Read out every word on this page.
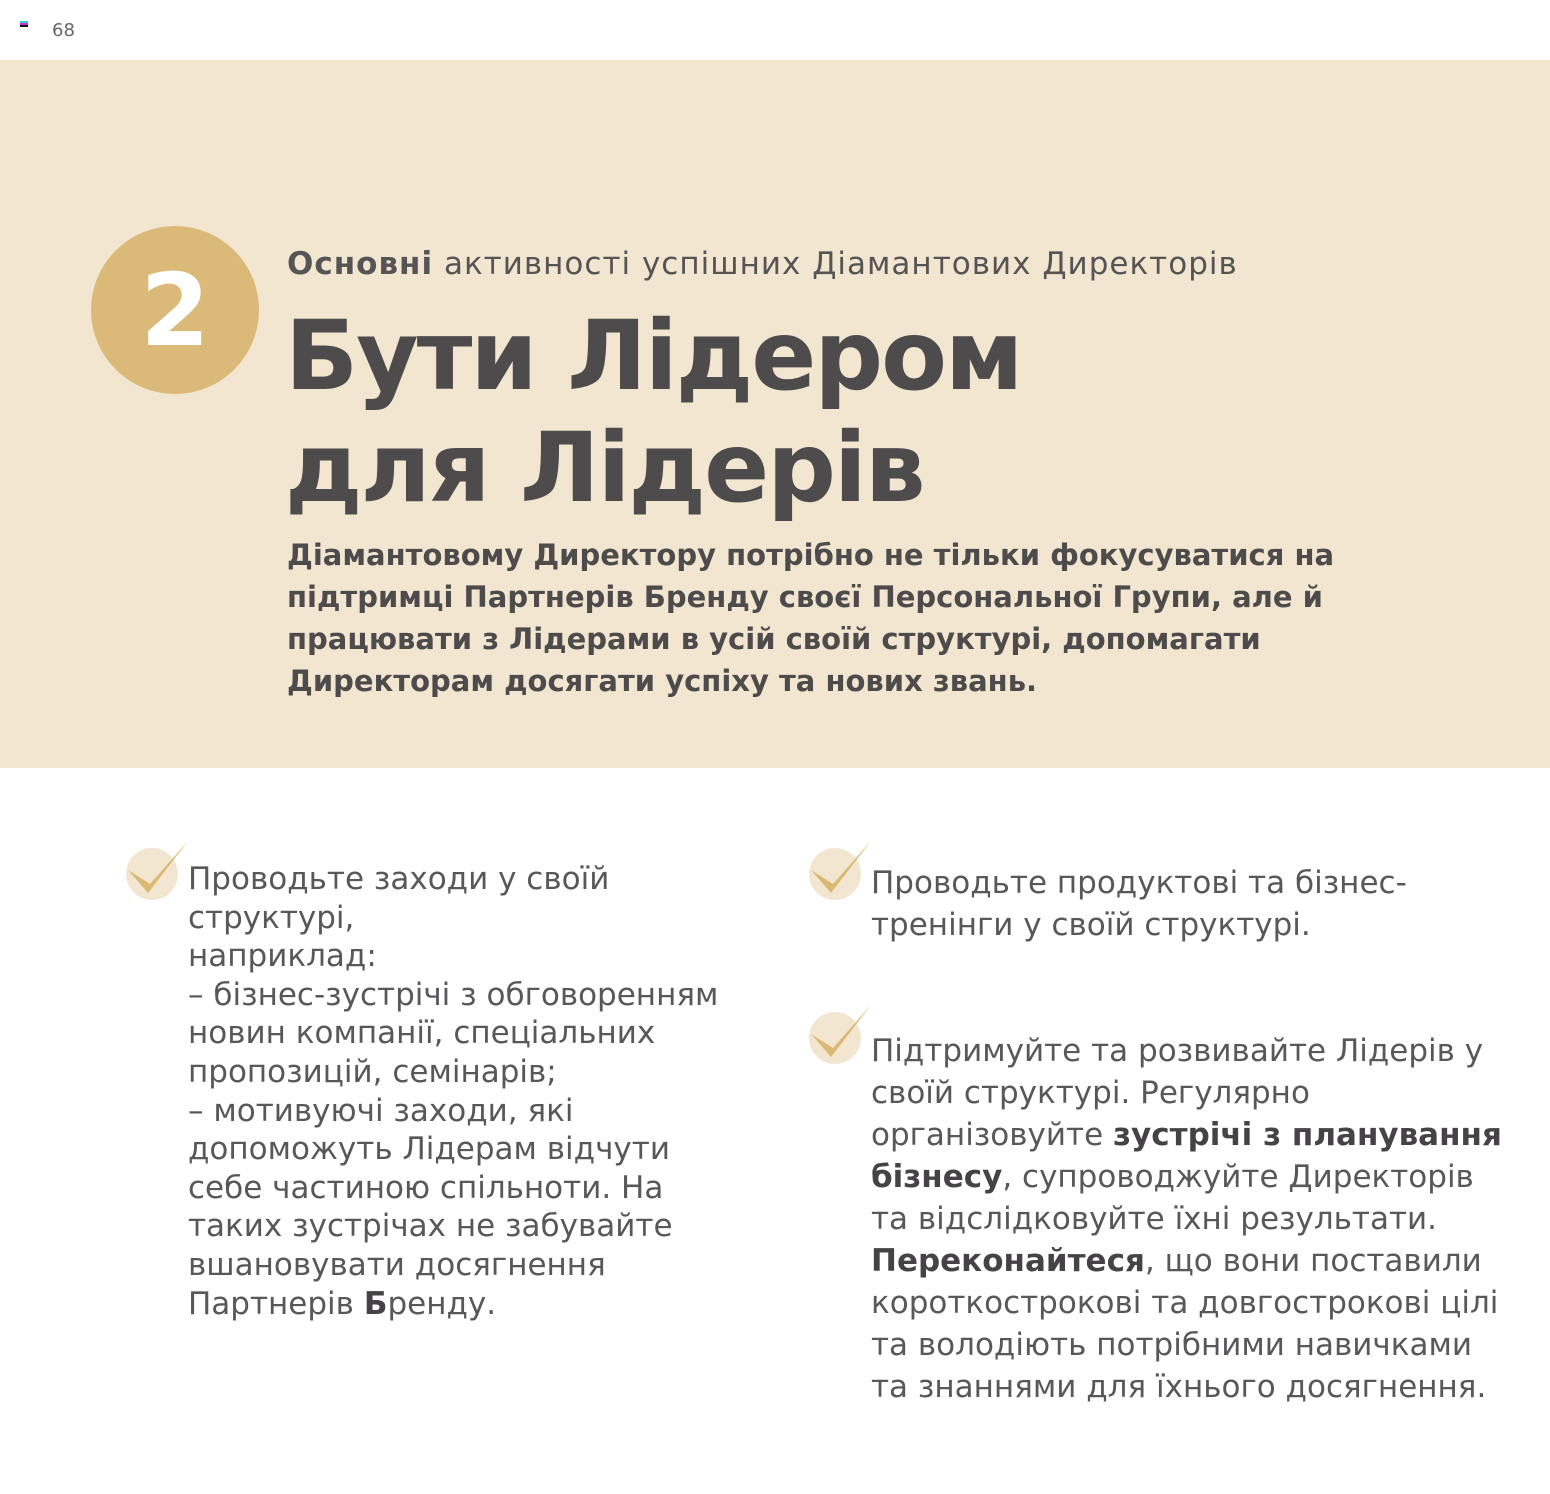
68
2	Основні активності успішних Діамантових Директорів
Бути Лідером для Лідерів
Діамантовому Директору потрібно не тільки фокусуватися на підтримці Партнерів Бренду своєї Персональної Групи, але й працювати з Лідерами в усій своїй структурі, допомагати Директорам досягати успіху та нових звань.
Проводьте заходи у своїй структурі,
наприклад:
– бізнес-зустрічі з обговоренням новин компанії, спеціальних пропозицій, семінарів;
– мотивуючі заходи, які допоможуть Лідерам відчути себе частиною спільноти. На таких зустрічах не забувайте вшановувати досягнення Партнерів Бренду.
Проводьте продуктові та бізнес-тренінги у своїй структурі.
Підтримуйте та розвивайте Лідерів у своїй структурі. Регулярно організовуйте зустрічі з планування бізнесу, супроводжуйте Директорів та відслідковуйте їхні результати. Переконайтеся, що вони поставили короткострокові та довгострокові цілі та володіють потрібними навичками та знаннями для їхнього досягнення.
